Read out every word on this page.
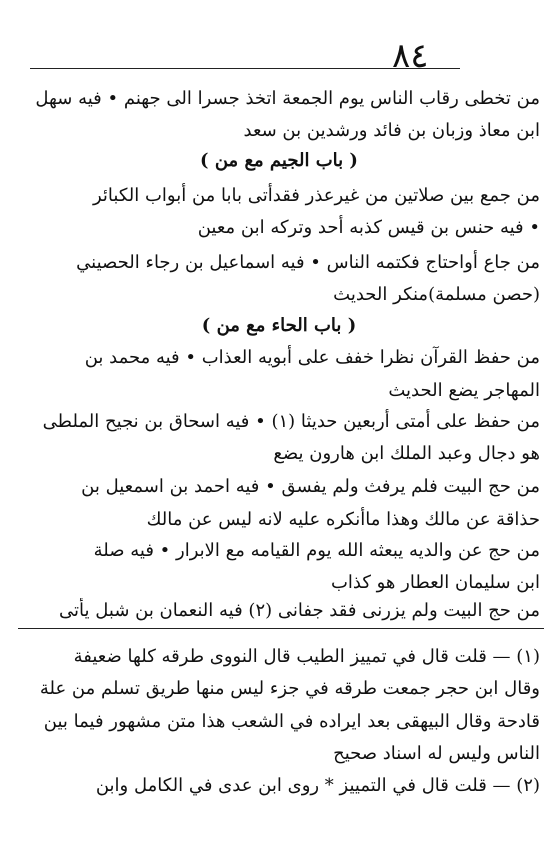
٨٤
من تخطى رقاب الناس يوم الجمعة اتخذ جسرا الى جهنم • فيه سهل
ابن معاذ وزبان بن فائد ورشدين بن سعد
( باب الجيم مع من )
من جمع بين صلاتين من غيرعذر فقدأتى بابا من أبواب الكبائر
• فيه حنس بن قيس كذبه أحد وتركه ابن معين
من جاع أواحتاج فكتمه الناس • فيه اسماعيل بن رجاء الحصيني
(حصن مسلمة)منكر الحديث
( باب الحاء مع من )
من حفظ القرآن نظرا خفف على أبويه العذاب • فيه محمد بن
المهاجر يضع الحديث
من حفظ على أمتى أربعين حديثا (١) • فيه اسحاق بن نجيح الملطى
هو دجال وعبد الملك ابن هارون يضع
من حج البيت فلم يرفث ولم يفسق • فيه احمد بن اسمعيل بن
حذاقة عن مالك وهذا ماأنكره عليه لانه ليس عن مالك
من حج عن والديه يبعثه الله يوم القيامه مع الابرار • فيه صلة
ابن سليمان العطار هو كذاب
من حج البيت ولم يزرنى فقد جفانى (٢) فيه النعمان بن شبل يأتى
(١) — قلت قال في تمييز الطيب قال النووى طرقه كلها ضعيفة
وقال ابن حجر جمعت طرقه في جزء ليس منها طريق تسلم من علة
قادحة وقال البيهقى بعد ايراده في الشعب هذا متن مشهور فيما بين
الناس وليس له اسناد صحيح
(٢) — قلت قال في التمييز * روى ابن عدى في الكامل وابن
